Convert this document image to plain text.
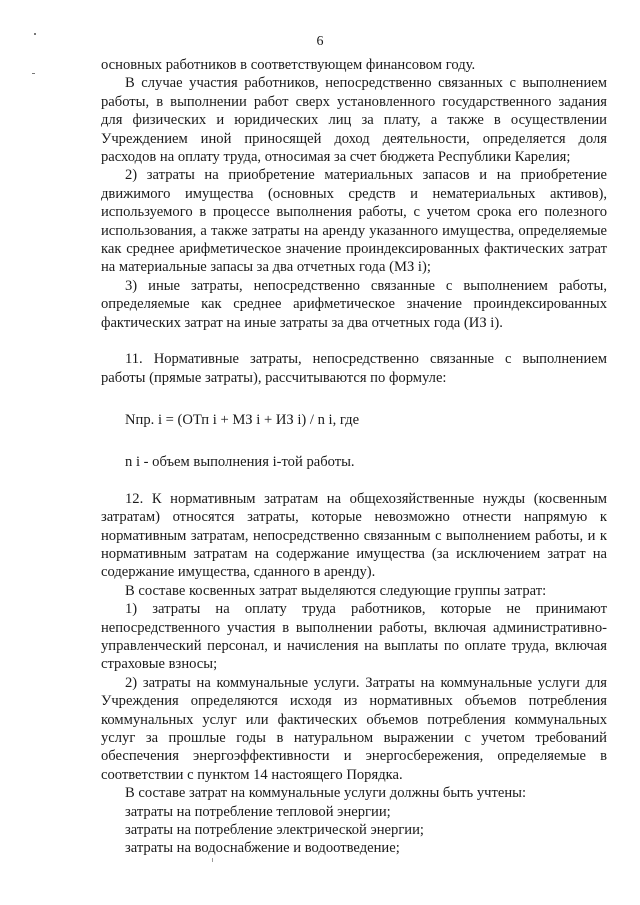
6

основных работников в соответствующем финансовом году.

В случае участия работников, непосредственно связанных с выполнением работы, в выполнении работ сверх установленного государственного задания для физических и юридических лиц за плату, а также в осуществлении Учреждением иной приносящей доход деятельности, определяется доля расходов на оплату труда, относимая за счет бюджета Республики Карелия;

2) затраты на приобретение материальных запасов и на приобретение движимого имущества (основных средств и нематериальных активов), используемого в процессе выполнения работы, с учетом срока его полезного использования, а также затраты на аренду указанного имущества, определяемые как среднее арифметическое значение проиндексированных фактических затрат на материальные запасы за два отчетных года (МЗ i);

3) иные затраты, непосредственно связанные с выполнением работы, определяемые как среднее арифметическое значение проиндексированных фактических затрат на иные затраты за два отчетных года (ИЗ i).

11. Нормативные затраты, непосредственно связанные с выполнением работы (прямые затраты), рассчитываются по формуле:

Nпр. i = (ОТп i + МЗ i + ИЗ i) / n i, где

n i - объем выполнения i-той работы.

12. К нормативным затратам на общехозяйственные нужды (косвенным затратам) относятся затраты, которые невозможно отнести напрямую к нормативным затратам, непосредственно связанным с выполнением работы, и к нормативным затратам на содержание имущества (за исключением затрат на содержание имущества, сданного в аренду).

В составе косвенных затрат выделяются следующие группы затрат:

1) затраты на оплату труда работников, которые не принимают непосредственного участия в выполнении работы, включая административно-управленческий персонал, и начисления на выплаты по оплате труда, включая страховые взносы;

2) затраты на коммунальные услуги. Затраты на коммунальные услуги для Учреждения определяются исходя из нормативных объемов потребления коммунальных услуг или фактических объемов потребления коммунальных услуг за прошлые годы в натуральном выражении с учетом требований обеспечения энергоэффективности и энергосбережения, определяемые в соответствии с пунктом 14 настоящего Порядка.

В составе затрат на коммунальные услуги должны быть учтены:

затраты на потребление тепловой энергии;

затраты на потребление электрической энергии;

затраты на водоснабжение и водоотведение;
